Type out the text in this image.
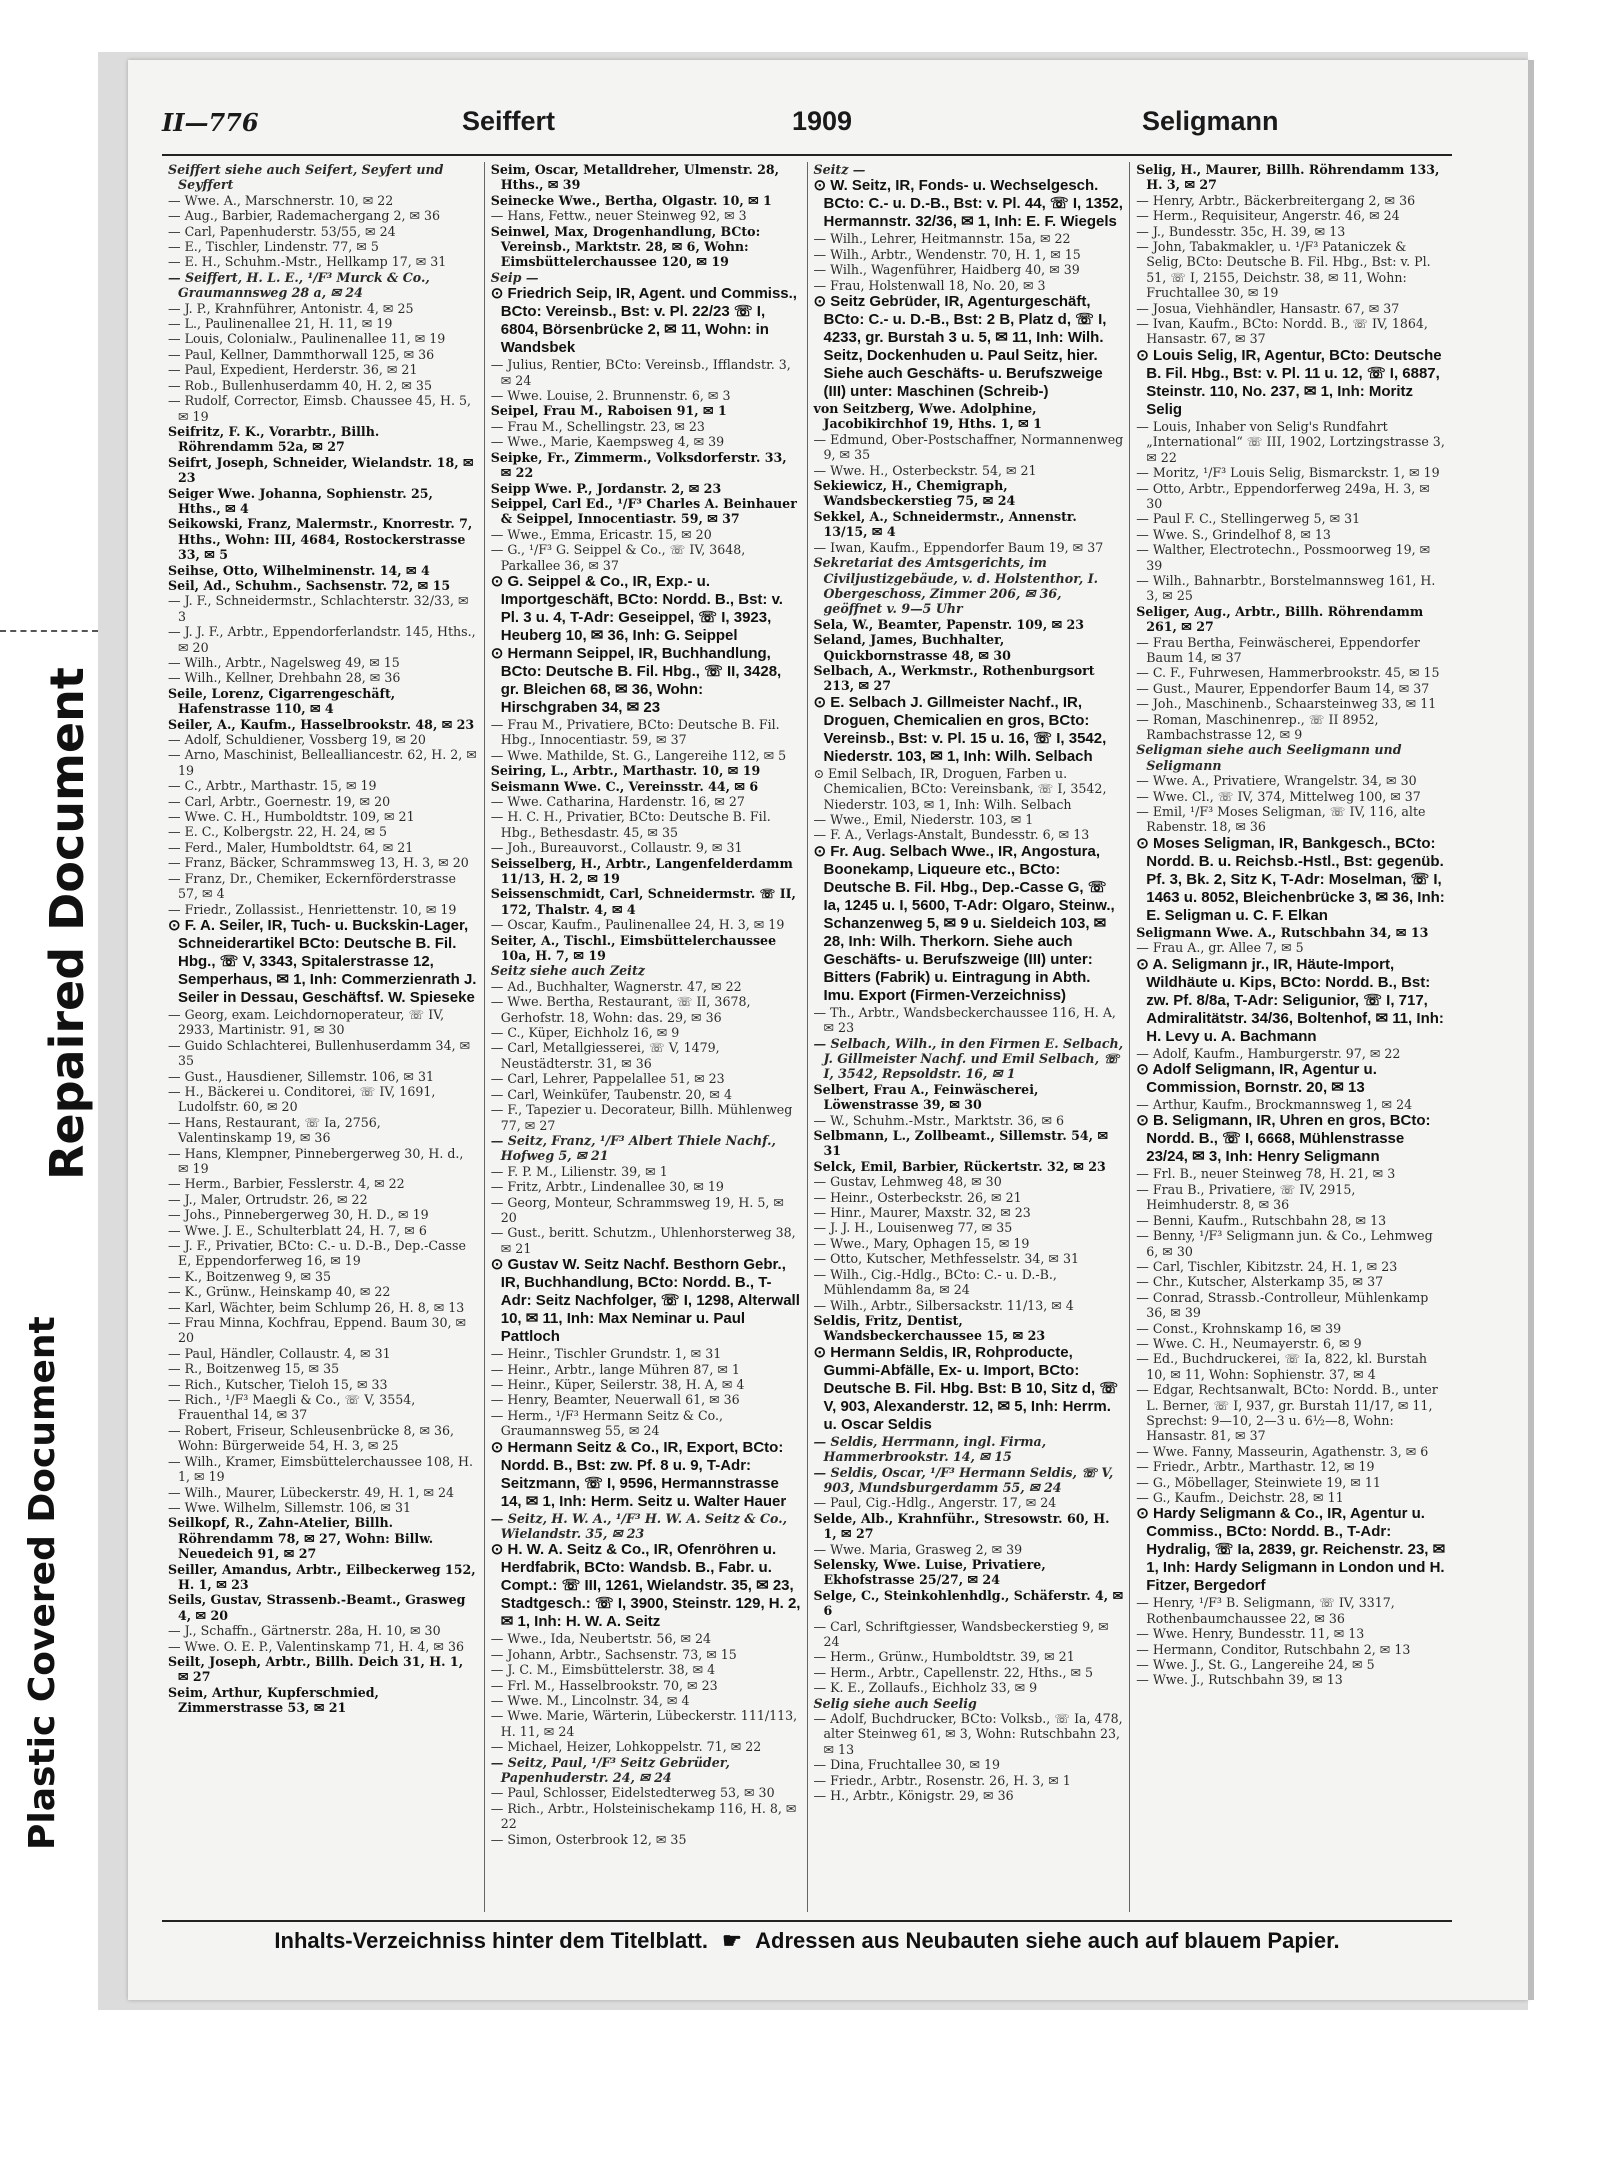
Repaired Document
Plastic Covered Document
II—776	Seiffert	1909	Seligmann

Seiffert siehe auch Seifert, Seyfert und Seyffert

— Wwe. A., Marschnerstr. 10, ✉ 22

— Aug., Barbier, Rademachergang 2, ✉ 36

— Carl, Papenhuderstr. 53/55, ✉ 24

— E., Tischler, Lindenstr. 77, ✉ 5

— E. H., Schuhm.-Mstr., Hellkamp 17, ✉ 31

— Seiffert, H. L. E., ¹/F³ Murck & Co., Graumannsweg 28 a, ✉ 24

— J. P., Krahnführer, Antonistr. 4, ✉ 25

— L., Paulinenallee 21, H. 11, ✉ 19

— Louis, Colonialw., Paulinenallee 11, ✉ 19

— Paul, Kellner, Dammthorwall 125, ✉ 36

— Paul, Expedient, Herderstr. 36, ✉ 21

— Rob., Bullenhuserdamm 40, H. 2, ✉ 35

— Rudolf, Corrector, Eimsb. Chaussee 45, H. 5, ✉ 19

Seifritz, F. K., Vorarbtr., Billh. Röhrendamm 52a, ✉ 27

Seifrt, Joseph, Schneider, Wielandstr. 18, ✉ 23

Seiger Wwe. Johanna, Sophienstr. 25, Hths., ✉ 4

Seikowski, Franz, Malermstr., Knorrestr. 7, Hths., Wohn: III, 4684, Rostockerstrasse 33, ✉ 5

Seihse, Otto, Wilhelminenstr. 14, ✉ 4

Seil, Ad., Schuhm., Sachsenstr. 72, ✉ 15

— J. F., Schneidermstr., Schlachterstr. 32/33, ✉ 3

— J. J. F., Arbtr., Eppendorferlandstr. 145, Hths., ✉ 20

— Wilh., Arbtr., Nagelsweg 49, ✉ 15

— Wilh., Kellner, Drehbahn 28, ✉ 36

Seile, Lorenz, Cigarrengeschäft, Hafenstrasse 110, ✉ 4

Seiler, A., Kaufm., Hasselbrookstr. 48, ✉ 23

— Adolf, Schuldiener, Vossberg 19, ✉ 20

— Arno, Maschinist, Bellealliancestr. 62, H. 2, ✉ 19

— C., Arbtr., Marthastr. 15, ✉ 19

— Carl, Arbtr., Goernestr. 19, ✉ 20

— Wwe. C. H., Humboldtstr. 109, ✉ 21

— E. C., Kolbergstr. 22, H. 24, ✉ 5

— Ferd., Maler, Humboldtstr. 64, ✉ 21

— Franz, Bäcker, Schrammsweg 13, H. 3, ✉ 20

— Franz, Dr., Chemiker, Eckernförderstrasse 57, ✉ 4

— Friedr., Zollassist., Henriettenstr. 10, ✉ 19

⊙ F. A. Seiler, IR, Tuch- u. Buckskin-Lager, Schneiderartikel BCto: Deutsche B. Fil. Hbg., ☏ V, 3343, Spitalerstrasse 12, Semperhaus, ✉ 1, Inh: Commerzienrath J. Seiler in Dessau, Geschäftsf. W. Spieseke

— Georg, exam. Leichdornoperateur, ☏ IV, 2933, Martinistr. 91, ✉ 30

— Guido Schlachterei, Bullenhuserdamm 34, ✉ 35

— Gust., Hausdiener, Sillemstr. 106, ✉ 31

— H., Bäckerei u. Conditorei, ☏ IV, 1691, Ludolfstr. 60, ✉ 20

— Hans, Restaurant, ☏ Ia, 2756, Valentinskamp 19, ✉ 36

— Hans, Klempner, Pinnebergerweg 30, H. d., ✉ 19

— Herm., Barbier, Fesslerstr. 4, ✉ 22

— J., Maler, Ortrudstr. 26, ✉ 22

— Johs., Pinnebergerweg 30, H. D., ✉ 19

— Wwe. J. E., Schulterblatt 24, H. 7, ✉ 6

— J. F., Privatier, BCto: C.- u. D.-B., Dep.-Casse E, Eppendorferweg 16, ✉ 19

— K., Boitzenweg 9, ✉ 35

— K., Grünw., Heinskamp 40, ✉ 22

— Karl, Wächter, beim Schlump 26, H. 8, ✉ 13

— Frau Minna, Kochfrau, Eppend. Baum 30, ✉ 20

— Paul, Händler, Collaustr. 4, ✉ 31

— R., Boitzenweg 15, ✉ 35

— Rich., Kutscher, Tieloh 15, ✉ 33

— Rich., ¹/F³ Maegli & Co., ☏ V, 3554, Frauenthal 14, ✉ 37

— Robert, Friseur, Schleusenbrücke 8, ✉ 36, Wohn: Bürgerweide 54, H. 3, ✉ 25

— Wilh., Kramer, Eimsbüttelerchaussee 108, H. 1, ✉ 19

— Wilh., Maurer, Lübeckerstr. 49, H. 1, ✉ 24

— Wwe. Wilhelm, Sillemstr. 106, ✉ 31

Seilkopf, R., Zahn-Atelier, Billh. Röhrendamm 78, ✉ 27, Wohn: Billw. Neuedeich 91, ✉ 27

Seiller, Amandus, Arbtr., Eilbeckerweg 152, H. 1, ✉ 23

Seils, Gustav, Strassenb.-Beamt., Grasweg 4, ✉ 20

— J., Schaffn., Gärtnerstr. 28a, H. 10, ✉ 30

— Wwe. O. E. P., Valentinskamp 71, H. 4, ✉ 36

Seilt, Joseph, Arbtr., Billh. Deich 31, H. 1, ✉ 27

Seim, Arthur, Kupferschmied, Zimmerstrasse 53, ✉ 21

Seim, Oscar, Metalldreher, Ulmenstr. 28, Hths., ✉ 39

Seinecke Wwe., Bertha, Olgastr. 10, ✉ 1

— Hans, Fettw., neuer Steinweg 92, ✉ 3

Seinwel, Max, Drogenhandlung, BCto: Vereinsb., Marktstr. 28, ✉ 6, Wohn: Eimsbüttelerchaussee 120, ✉ 19

Seip —

⊙ Friedrich Seip, IR, Agent. und Commiss., BCto: Vereinsb., Bst: v. Pl. 22/23 ☏ I, 6804, Börsenbrücke 2, ✉ 11, Wohn: in Wandsbek

— Julius, Rentier, BCto: Vereinsb., Ifflandstr. 3, ✉ 24

— Wwe. Louise, 2. Brunnenstr. 6, ✉ 3

Seipel, Frau M., Raboisen 91, ✉ 1

— Frau M., Schellingstr. 23, ✉ 23

— Wwe., Marie, Kaempsweg 4, ✉ 39

Seipke, Fr., Zimmerm., Volksdorferstr. 33, ✉ 22

Seipp Wwe. P., Jordanstr. 2, ✉ 23

Seippel, Carl Ed., ¹/F³ Charles A. Beinhauer & Seippel, Innocentiastr. 59, ✉ 37

— Wwe., Emma, Ericastr. 15, ✉ 20

— G., ¹/F³ G. Seippel & Co., ☏ IV, 3648, Parkallee 36, ✉ 37

⊙ G. Seippel & Co., IR, Exp.- u. Importgeschäft, BCto: Nordd. B., Bst: v. Pl. 3 u. 4, T-Adr: Geseippel, ☏ I, 3923, Heuberg 10, ✉ 36, Inh: G. Seippel

⊙ Hermann Seippel, IR, Buchhandlung, BCto: Deutsche B. Fil. Hbg., ☏ II, 3428, gr. Bleichen 68, ✉ 36, Wohn: Hirschgraben 34, ✉ 23

— Frau M., Privatiere, BCto: Deutsche B. Fil. Hbg., Innocentiastr. 59, ✉ 37

— Wwe. Mathilde, St. G., Langereihe 112, ✉ 5

Seiring, L., Arbtr., Marthastr. 10, ✉ 19

Seismann Wwe. C., Vereinsstr. 44, ✉ 6

— Wwe. Catharina, Hardenstr. 16, ✉ 27

— H. C. H., Privatier, BCto: Deutsche B. Fil. Hbg., Bethesdastr. 45, ✉ 35

— Joh., Bureauvorst., Collaustr. 9, ✉ 31

Seisselberg, H., Arbtr., Langenfelderdamm 11/13, H. 2, ✉ 19

Seissenschmidt, Carl, Schneidermstr. ☏ II, 172, Thalstr. 4, ✉ 4

— Oscar, Kaufm., Paulinenallee 24, H. 3, ✉ 19

Seiter, A., Tischl., Eimsbüttelerchaussee 10a, H. 7, ✉ 19

Seitz siehe auch Zeitz

— Ad., Buchhalter, Wagnerstr. 47, ✉ 22

— Wwe. Bertha, Restaurant, ☏ II, 3678, Gerhofstr. 18, Wohn: das. 29, ✉ 36

— C., Küper, Eichholz 16, ✉ 9

— Carl, Metallgiesserei, ☏ V, 1479, Neustädterstr. 31, ✉ 36

— Carl, Lehrer, Pappelallee 51, ✉ 23

— Carl, Weinküfer, Taubenstr. 20, ✉ 4

— F., Tapezier u. Decorateur, Billh. Mühlenweg 77, ✉ 27

— Seitz, Franz, ¹/F³ Albert Thiele Nachf., Hofweg 5, ✉ 21

— F. P. M., Lilienstr. 39, ✉ 1

— Fritz, Arbtr., Lindenallee 30, ✉ 19

— Georg, Monteur, Schrammsweg 19, H. 5, ✉ 20

— Gust., beritt. Schutzm., Uhlenhorsterweg 38, ✉ 21

⊙ Gustav W. Seitz Nachf. Besthorn Gebr., IR, Buchhandlung, BCto: Nordd. B., T-Adr: Seitz Nachfolger, ☏ I, 1298, Alterwall 10, ✉ 11, Inh: Max Neminar u. Paul Pattloch

— Heinr., Tischler Grundstr. 1, ✉ 31

— Heinr., Arbtr., lange Mühren 87, ✉ 1

— Heinr., Küper, Seilerstr. 38, H. A, ✉ 4

— Henry, Beamter, Neuerwall 61, ✉ 36

— Herm., ¹/F³ Hermann Seitz & Co., Graumannsweg 55, ✉ 24

⊙ Hermann Seitz & Co., IR, Export, BCto: Nordd. B., Bst: zw. Pf. 8 u. 9, T-Adr: Seitzmann, ☏ I, 9596, Hermannstrasse 14, ✉ 1, Inh: Herm. Seitz u. Walter Hauer

— Seitz, H. W. A., ¹/F³ H. W. A. Seitz & Co., Wielandstr. 35, ✉ 23

⊙ H. W. A. Seitz & Co., IR, Ofenröhren u. Herdfabrik, BCto: Wandsb. B., Fabr. u. Compt.: ☏ III, 1261, Wielandstr. 35, ✉ 23, Stadtgesch.: ☏ I, 3900, Steinstr. 129, H. 2, ✉ 1, Inh: H. W. A. Seitz

— Wwe., Ida, Neubertstr. 56, ✉ 24

— Johann, Arbtr., Sachsenstr. 73, ✉ 15

— J. C. M., Eimsbüttelerstr. 38, ✉ 4

— Frl. M., Hasselbrookstr. 70, ✉ 23

— Wwe. M., Lincolnstr. 34, ✉ 4

— Wwe. Marie, Wärterin, Lübeckerstr. 111/113, H. 11, ✉ 24

— Michael, Heizer, Lohkoppelstr. 71, ✉ 22

— Seitz, Paul, ¹/F³ Seitz Gebrüder, Papenhuderstr. 24, ✉ 24

— Paul, Schlosser, Eidelstedterweg 53, ✉ 30

— Rich., Arbtr., Holsteinischekamp 116, H. 8, ✉ 22

— Simon, Osterbrook 12, ✉ 35

Seitz —

⊙ W. Seitz, IR, Fonds- u. Wechselgesch. BCto: C.- u. D.-B., Bst: v. Pl. 44, ☏ I, 1352, Hermannstr. 32/36, ✉ 1, Inh: E. F. Wiegels

— Wilh., Lehrer, Heitmannstr. 15a, ✉ 22

— Wilh., Arbtr., Wendenstr. 70, H. 1, ✉ 15

— Wilh., Wagenführer, Haidberg 40, ✉ 39

— Frau, Holstenwall 18, No. 20, ✉ 3

⊙ Seitz Gebrüder, IR, Agenturgeschäft, BCto: C.- u. D.-B., Bst: 2 B, Platz d, ☏ I, 4233, gr. Burstah 3 u. 5, ✉ 11, Inh: Wilh. Seitz, Dockenhuden u. Paul Seitz, hier. Siehe auch Geschäfts- u. Berufszweige (III) unter: Maschinen (Schreib-)

von Seitzberg, Wwe. Adolphine, Jacobikirchhof 19, Hths. 1, ✉ 1

— Edmund, Ober-Postschaffner, Normannenweg 9, ✉ 35

— Wwe. H., Osterbeckstr. 54, ✉ 21

Sekiewicz, H., Chemigraph, Wandsbeckerstieg 75, ✉ 24

Sekkel, A., Schneidermstr., Annenstr. 13/15, ✉ 4

— Iwan, Kaufm., Eppendorfer Baum 19, ✉ 37

Sekretariat des Amtsgerichts, im Civiljustizgebäude, v. d. Holstenthor, I. Obergeschoss, Zimmer 206, ✉ 36, geöffnet v. 9—5 Uhr

Sela, W., Beamter, Papenstr. 109, ✉ 23

Seland, James, Buchhalter, Quickbornstrasse 48, ✉ 30

Selbach, A., Werkmstr., Rothenburgsort 213, ✉ 27

⊙ E. Selbach J. Gillmeister Nachf., IR, Droguen, Chemicalien en gros, BCto: Vereinsb., Bst: v. Pl. 15 u. 16, ☏ I, 3542, Niederstr. 103, ✉ 1, Inh: Wilh. Selbach

⊙ Emil Selbach, IR, Droguen, Farben u. Chemicalien, BCto: Vereinsbank, ☏ I, 3542, Niederstr. 103, ✉ 1, Inh: Wilh. Selbach

— Wwe., Emil, Niederstr. 103, ✉ 1

— F. A., Verlags-Anstalt, Bundesstr. 6, ✉ 13

⊙ Fr. Aug. Selbach Wwe., IR, Angostura, Boonekamp, Liqueure etc., BCto: Deutsche B. Fil. Hbg., Dep.-Casse G, ☏ Ia, 1245 u. I, 5600, T-Adr: Olgaro, Steinw., Schanzenweg 5, ✉ 9 u. Sieldeich 103, ✉ 28, Inh: Wilh. Therkorn. Siehe auch Geschäfts- u. Berufszweige (III) unter: Bitters (Fabrik) u. Eintragung in Abth. Imu. Export (Firmen-Verzeichniss)

— Th., Arbtr., Wandsbeckerchaussee 116, H. A, ✉ 23

— Selbach, Wilh., in den Firmen E. Selbach, J. Gillmeister Nachf. und Emil Selbach, ☏ I, 3542, Repsoldstr. 16, ✉ 1

Selbert, Frau A., Feinwäscherei, Löwenstrasse 39, ✉ 30

— W., Schuhm.-Mstr., Marktstr. 36, ✉ 6

Selbmann, L., Zollbeamt., Sillemstr. 54, ✉ 31

Selck, Emil, Barbier, Rückertstr. 32, ✉ 23

— Gustav, Lehmweg 48, ✉ 30

— Heinr., Osterbeckstr. 26, ✉ 21

— Hinr., Maurer, Maxstr. 32, ✉ 23

— J. J. H., Louisenweg 77, ✉ 35

— Wwe., Mary, Ophagen 15, ✉ 19

— Otto, Kutscher, Methfesselstr. 34, ✉ 31

— Wilh., Cig.-Hdlg., BCto: C.- u. D.-B., Mühlendamm 8a, ✉ 24

— Wilh., Arbtr., Silbersackstr. 11/13, ✉ 4

Seldis, Fritz, Dentist, Wandsbeckerchaussee 15, ✉ 23

⊙ Hermann Seldis, IR, Rohproducte, Gummi-Abfälle, Ex- u. Import, BCto: Deutsche B. Fil. Hbg. Bst: B 10, Sitz d, ☏ V, 903, Alexanderstr. 12, ✉ 5, Inh: Herrm. u. Oscar Seldis

— Seldis, Herrmann, ingl. Firma, Hammerbrookstr. 14, ✉ 15

— Seldis, Oscar, ¹/F³ Hermann Seldis, ☏ V, 903, Mundsburgerdamm 55, ✉ 24

— Paul, Cig.-Hdlg., Angerstr. 17, ✉ 24

Selde, Alb., Krahnführ., Stresowstr. 60, H. 1, ✉ 27

— Wwe. Maria, Grasweg 2, ✉ 39

Selensky, Wwe. Luise, Privatiere, Ekhofstrasse 25/27, ✉ 24

Selge, C., Steinkohlenhdlg., Schäferstr. 4, ✉ 6

— Carl, Schriftgiesser, Wandsbeckerstieg 9, ✉ 24

— Herm., Grünw., Humboldtstr. 39, ✉ 21

— Herm., Arbtr., Capellenstr. 22, Hths., ✉ 5

— K. E., Zollaufs., Eichholz 33, ✉ 9

Selig siehe auch Seelig

— Adolf, Buchdrucker, BCto: Volksb., ☏ Ia, 478, alter Steinweg 61, ✉ 3, Wohn: Rutschbahn 23, ✉ 13

— Dina, Fruchtallee 30, ✉ 19

— Friedr., Arbtr., Rosenstr. 26, H. 3, ✉ 1

— H., Arbtr., Königstr. 29, ✉ 36

Selig, H., Maurer, Billh. Röhrendamm 133, H. 3, ✉ 27

— Henry, Arbtr., Bäckerbreitergang 2, ✉ 36

— Herm., Requisiteur, Angerstr. 46, ✉ 24

— J., Bundesstr. 35c, H. 39, ✉ 13

— John, Tabakmakler, u. ¹/F³ Pataniczek & Selig, BCto: Deutsche B. Fil. Hbg., Bst: v. Pl. 51, ☏ I, 2155, Deichstr. 38, ✉ 11, Wohn: Fruchtallee 30, ✉ 19

— Josua, Viehhändler, Hansastr. 67, ✉ 37

— Ivan, Kaufm., BCto: Nordd. B., ☏ IV, 1864, Hansastr. 67, ✉ 37

⊙ Louis Selig, IR, Agentur, BCto: Deutsche B. Fil. Hbg., Bst: v. Pl. 11 u. 12, ☏ I, 6887, Steinstr. 110, No. 237, ✉ 1, Inh: Moritz Selig

— Louis, Inhaber von Selig's Rundfahrt „International“ ☏ III, 1902, Lortzingstrasse 3, ✉ 22

— Moritz, ¹/F³ Louis Selig, Bismarckstr. 1, ✉ 19

— Otto, Arbtr., Eppendorferweg 249a, H. 3, ✉ 30

— Paul F. C., Stellingerweg 5, ✉ 31

— Wwe. S., Grindelhof 8, ✉ 13

— Walther, Electrotechn., Possmoorweg 19, ✉ 39

— Wilh., Bahnarbtr., Borstelmannsweg 161, H. 3, ✉ 25

Seliger, Aug., Arbtr., Billh. Röhrendamm 261, ✉ 27

— Frau Bertha, Feinwäscherei, Eppendorfer Baum 14, ✉ 37

— C. F., Fuhrwesen, Hammerbrookstr. 45, ✉ 15

— Gust., Maurer, Eppendorfer Baum 14, ✉ 37

— Joh., Maschinenb., Schaarsteinweg 33, ✉ 11

— Roman, Maschinenrep., ☏ II 8952, Rambachstrasse 12, ✉ 9

Seligman siehe auch Seeligmann und Seligmann

— Wwe. A., Privatiere, Wrangelstr. 34, ✉ 30

— Wwe. Cl., ☏ IV, 374, Mittelweg 100, ✉ 37

— Emil, ¹/F³ Moses Seligman, ☏ IV, 116, alte Rabenstr. 18, ✉ 36

⊙ Moses Seligman, IR, Bankgesch., BCto: Nordd. B. u. Reichsb.-Hstl., Bst: gegenüb. Pf. 3, Bk. 2, Sitz K, T-Adr: Moselman, ☏ I, 1463 u. 8052, Bleichenbrücke 3, ✉ 36, Inh: E. Seligman u. C. F. Elkan

Seligmann Wwe. A., Rutschbahn 34, ✉ 13

— Frau A., gr. Allee 7, ✉ 5

⊙ A. Seligmann jr., IR, Häute-Import, Wildhäute u. Kips, BCto: Nordd. B., Bst: zw. Pf. 8/8a, T-Adr: Seligunior, ☏ I, 717, Admiralitätstr. 34/36, Boltenhof, ✉ 11, Inh: H. Levy u. A. Bachmann

— Adolf, Kaufm., Hamburgerstr. 97, ✉ 22

⊙ Adolf Seligmann, IR, Agentur u. Commission, Bornstr. 20, ✉ 13

— Arthur, Kaufm., Brockmannsweg 1, ✉ 24

⊙ B. Seligmann, IR, Uhren en gros, BCto: Nordd. B., ☏ I, 6668, Mühlenstrasse 23/24, ✉ 3, Inh: Henry Seligmann

— Frl. B., neuer Steinweg 78, H. 21, ✉ 3

— Frau B., Privatiere, ☏ IV, 2915, Heimhuderstr. 8, ✉ 36

— Benni, Kaufm., Rutschbahn 28, ✉ 13

— Benny, ¹/F³ Seligmann jun. & Co., Lehmweg 6, ✉ 30

— Carl, Tischler, Kibitzstr. 24, H. 1, ✉ 23

— Chr., Kutscher, Alsterkamp 35, ✉ 37

— Conrad, Strassb.-Controlleur, Mühlenkamp 36, ✉ 39

— Const., Krohnskamp 16, ✉ 39

— Wwe. C. H., Neumayerstr. 6, ✉ 9

— Ed., Buchdruckerei, ☏ Ia, 822, kl. Burstah 10, ✉ 11, Wohn: Sophienstr. 37, ✉ 4

— Edgar, Rechtsanwalt, BCto: Nordd. B., unter L. Berner, ☏ I, 937, gr. Burstah 11/17, ✉ 11, Sprechst: 9—10, 2—3 u. 6½—8, Wohn: Hansastr. 81, ✉ 37

— Wwe. Fanny, Masseurin, Agathenstr. 3, ✉ 6

— Friedr., Arbtr., Marthastr. 12, ✉ 19

— G., Möbellager, Steinwiete 19, ✉ 11

— G., Kaufm., Deichstr. 28, ✉ 11

⊙ Hardy Seligmann & Co., IR, Agentur u. Commiss., BCto: Nordd. B., T-Adr: Hydralig, ☏ Ia, 2839, gr. Reichenstr. 23, ✉ 1, Inh: Hardy Seligmann in London und H. Fitzer, Bergedorf

— Henry, ¹/F³ B. Seligmann, ☏ IV, 3317, Rothenbaumchaussee 22, ✉ 36

— Wwe. Henry, Bundesstr. 11, ✉ 13

— Hermann, Conditor, Rutschbahn 2, ✉ 13

— Wwe. J., St. G., Langereihe 24, ✉ 5

— Wwe. J., Rutschbahn 39, ✉ 13

Inhalts-Verzeichniss hinter dem Titelblatt. ☛ Adressen aus Neubauten siehe auch auf blauem Papier.
